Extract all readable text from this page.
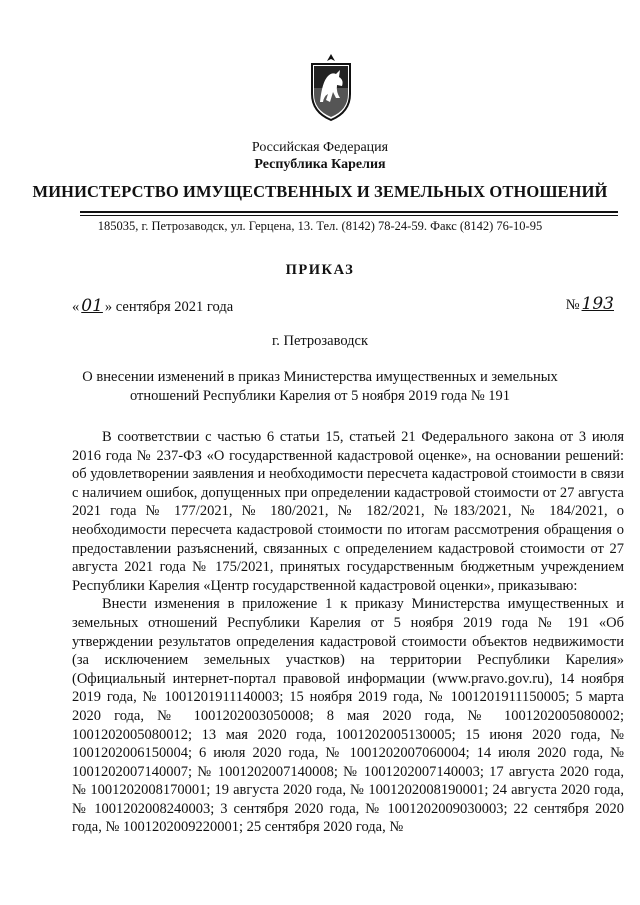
Российская Федерация
Республика Карелия
МИНИСТЕРСТВО ИМУЩЕСТВЕННЫХ И ЗЕМЕЛЬНЫХ ОТНОШЕНИЙ
185035, г. Петрозаводск, ул. Герцена, 13. Тел. (8142) 78-24-59. Факс (8142) 76-10-95
ПРИКАЗ
« 01 » сентября 2021 года	№ 193
г. Петрозаводск
О внесении изменений в приказ Министерства имущественных и земельных
отношений Республики Карелия от 5 ноября 2019 года № 191

В соответствии с частью 6 статьи 15, статьей 21 Федерального закона от 3 июля 2016 года № 237-ФЗ «О государственной кадастровой оценке», на основании решений: об удовлетворении заявления и необходимости пересчета кадастровой стоимости в связи с наличием ошибок, допущенных при определении кадастровой стоимости от 27 августа 2021 года № 177/2021, № 180/2021, № 182/2021, №183/2021, № 184/2021, о необходимости пересчета кадастровой стоимости по итогам рассмотрения обращения о предоставлении разъяснений, связанных с определением кадастровой стоимости от 27 августа 2021 года № 175/2021, принятых государственным бюджетным учреждением Республики Карелия «Центр государственной кадастровой оценки», приказываю:

Внести изменения в приложение 1 к приказу Министерства имущественных и земельных отношений Республики Карелия от 5 ноября 2019 года № 191 «Об утверждении результатов определения кадастровой стоимости объектов недвижимости (за исключением земельных участков) на территории Республики Карелия» (Официальный интернет-портал правовой информации (www.pravo.gov.ru), 14 ноября 2019 года, № 1001201911140003; 15 ноября 2019 года, № 1001201911150005; 5 марта 2020 года, № 1001202003050008; 8 мая 2020 года, № 1001202005080002; 1001202005080012; 13 мая 2020 года, 1001202005130005; 15 июня 2020 года, № 1001202006150004; 6 июля 2020 года, № 1001202007060004; 14 июля 2020 года, № 1001202007140007; № 1001202007140008; № 1001202007140003; 17 августа 2020 года, № 1001202008170001; 19 августа 2020 года, № 1001202008190001; 24 августа 2020 года, № 1001202008240003; 3 сентября 2020 года, № 1001202009030003; 22 сентября 2020 года, № 1001202009220001; 25 сентября 2020 года, №
